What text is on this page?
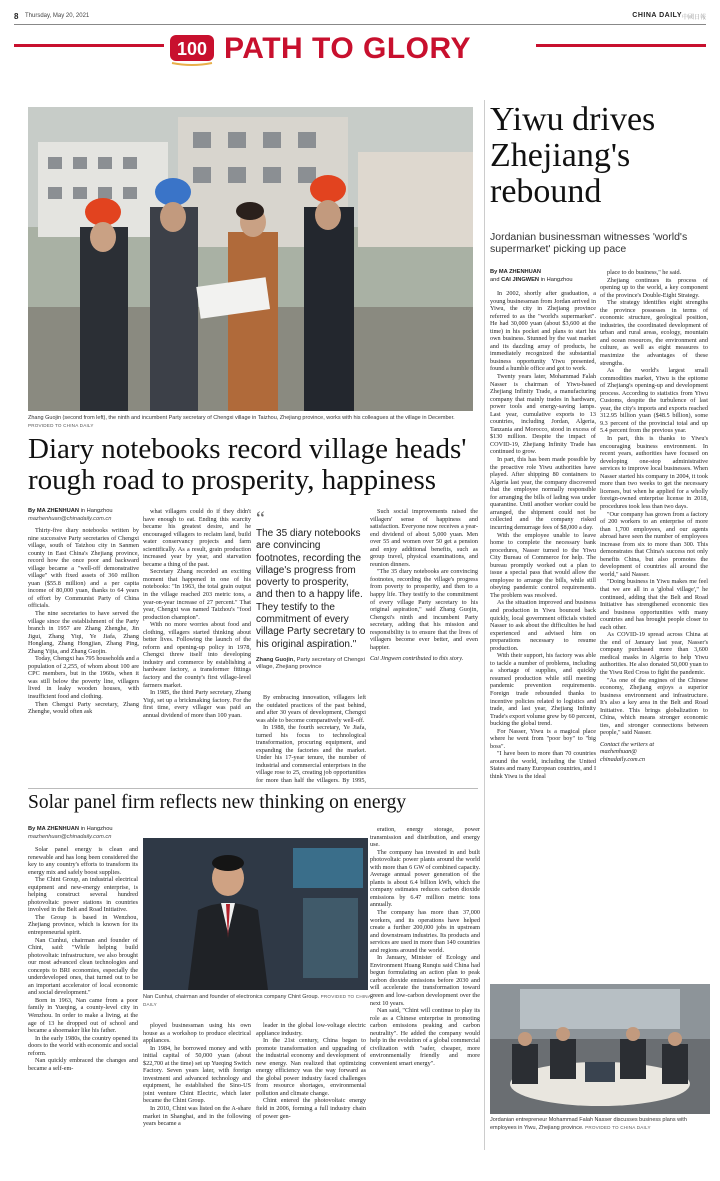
8 Thursday, May 20, 2021	CHINA DAILY 中國日報
100 PATH TO GLORY
Zhang Guojin (second from left), the ninth and incumbent Party secretary of Chengxi village in Taizhou, Zhejiang province, works with his colleagues at the village in December. PROVIDED TO CHINA DAILY
Diary notebooks record village heads' rough road to prosperity, happiness
By MA ZHENHUAN in Hangzhou
mazhenhuan@chinadaily.com.cn

Thirty-five diary notebooks written by nine successive Party secretaries of Chengxi village, south of Taizhou city in Sanmen county in East China's Zhejiang province, record how the once poor and backward village became a "well-off demonstrative village" with fixed assets of 360 million yuan ($55.8 million) and a per capita income of 80,000 yuan, thanks to 64 years of effort by Communist Party of China officials.

The nine secretaries to have served the village since the establishment of the Party branch in 1957 are Zhang Zhenghe, Jin Jigui, Zhang Yiqi, Ye Jiafa, Zhang Honglang, Zhang Hongjian, Zhang Ping, Zhang Yijia, and Zhang Guojin.

Today, Chengxi has 795 households and a population of 2,255, of whom about 100 are CPC members, but in the 1960s, when it was still below the poverty line, villagers lived in leaky wooden houses, with insufficient food and clothing.

Then Chengxi Party secretary, Zhang Zhenghe, would often ask

what villagers could do if they didn't have enough to eat. Ending this scarcity became his greatest desire, and he encouraged villagers to reclaim land, build water conservancy projects and farm scientifically. As a result, grain production increased year by year, and starvation became a thing of the past.

Secretary Zhang recorded an exciting moment that happened in one of his notebooks: "In 1963, the total grain output in the village reached 203 metric tons, a year-on-year increase of 27 percent." That year, Chengxi was named Taizhou's "food production champion".

With no more worries about food and clothing, villagers started thinking about better lives. Following the launch of the reform and opening-up policy in 1978, Chengxi threw itself into developing industry and commerce by establishing a hardware factory, a transformer fittings factory and the county's first village-level farmers market.

In 1985, the third Party secretary, Zhang Yiqi, set up a brickmaking factory. For the first time, every villager was paid an annual dividend of more than 100 yuan.

“
The 35 diary notebooks are convincing footnotes, recording the village's progress from poverty to prosperity, and then to a happy life. They testify to the commitment of every village Party secretary to his original aspiration."
Zhang Guojin, Party secretary of Chengxi village, Zhejiang province

By embracing innovation, villagers left the outdated practices of the past behind, and after 30 years of development, Chengxi was able to become comparatively well-off.

In 1988, the fourth secretary, Ye Jiafa, turned his focus to technological transformation, procuring equipment, and expanding the factories and the market. Under his 17-year tenure, the number of industrial and commercial enterprises in the village rose to 25, creating job opportunities for more than half the villagers. By 1995,

Such social improvements raised the villagers' sense of happiness and satisfaction. Everyone now receives a year-end dividend of about 5,000 yuan. Men over 55 and women over 50 get a pension and enjoy additional benefits, such as group travel, physical examinations, and reunion dinners.

"The 35 diary notebooks are convincing footnotes, recording the village's progress from poverty to prosperity, and then to a happy life. They testify to the commitment of every village Party secretary to his original aspiration," said Zhang Guojin, Chengxi's ninth and incumbent Party secretary, adding that his mission and responsibility is to ensure that the lives of villagers become ever better, and even happier.

Cai Jingwen contributed to this story.

Solar panel firm reflects new thinking on energy
By MA ZHENHUAN in Hangzhou
mazhenhuan@chinadaily.com.cn

Solar panel energy is clean and renewable and has long been considered the key to any country's efforts to transform its energy mix and safely boost supplies.

The Chint Group, an industrial electrical equipment and new-energy enterprise, is helping construct several hundred photovoltaic power stations in countries involved in the Belt and Road Initiative.

The Group is based in Wenzhou, Zhejiang province, which is known for its entrepreneurial spirit.

Nan Cunhui, chairman and founder of Chint, said: "While helping build photovoltaic infrastructure, we also brought our most advanced clean technologies and concepts to BRI economies, especially the underdeveloped ones, that turned out to be an important accelerator of local economic and social development."

Born in 1963, Nan came from a poor family in Yueqing, a county-level city in Wenzhou. In order to make a living, at the age of 13 he dropped out of school and became a shoemaker like his father.

In the early 1980s, the country opened its doors to the world with economic and social reform.

Nan quickly embraced the changes and became a self-em-

Nan Cunhui, chairman and founder of electronics company Chint Group. PROVIDED TO CHINA DAILY

ployed businessman using his own house as a workshop to produce electrical appliances.

In 1984, he borrowed money and with initial capital of 50,000 yuan (about $22,700 at the time) set up Yueqing Switch Factory. Seven years later, with foreign investment and advanced technology and equipment, he established the Sino-US joint venture Chint Electric, which later became the Chint Group.

In 2010, Chint was listed on the A-share market in Shanghai, and in the following years became a

leader in the global low-voltage electric appliance industry.

In the 21st century, China began to promote transformation and upgrading of the industrial economy and development of new energy. Nan realized that optimizing energy efficiency was the way forward as the global power industry faced challenges from resource shortages, environmental pollution and climate change.

Chint entered the photovoltaic energy field in 2006, forming a full industry chain of power gen-

eration, energy storage, power transmission and distribution, and energy use.

The company has invested in and built photovoltaic power plants around the world with more than 6 GW of combined capacity. Average annual power generation of the plants is about 6.4 billion kWh, which the company estimates reduces carbon dioxide emissions by 6.47 million metric tons annually.

The company has more than 37,000 workers, and its operations have helped create a further 200,000 jobs in upstream and downstream industries. Its products and services are used in more than 140 countries and regions around the world.

In January, Minister of Ecology and Environment Huang Runqiu said China had begun formulating an action plan to peak carbon dioxide emissions before 2030 and will accelerate the transformation toward green and low-carbon development over the next 10 years.

Nan said, "Chint will continue to play its role as a Chinese enterprise in promoting carbon emissions peaking and carbon neutrality". He added the company would help in the evolution of a global commercial civilization with "safer, cheaper, more environmentally friendly and more convenient smart energy".

Yiwu drives Zhejiang's rebound
Jordanian businessman witnesses 'world's supermarket' picking up pace
By MA ZHENHUAN
and CAI JINGWEN in Hangzhou

In 2002, shortly after graduation, a young businessman from Jordan arrived in Yiwu, the city in Zhejiang province referred to as the "world's supermarket". He had 30,000 yuan (about $3,600 at the time) in his pocket and plans to start his own business. Stunned by the vast market and its dazzling array of products, he immediately recognized the substantial business opportunity Yiwu presented, found a humble office and got to work.

Twenty years later, Mohammad Falah Nasser is chairman of Yiwu-based Zhejiang Infinity Trade, a manufacturing company that mainly trades in hardware, power tools and energy-saving lamps. Last year, cumulative exports to 13 countries, including Jordan, Algeria, Tanzania and Morocco, stood in excess of $130 million. Despite the impact of COVID-19, Zhejiang Infinity Trade has continued to grow.

In part, this has been made possible by the proactive role Yiwu authorities have played. After shipping 80 containers to Algeria last year, the company discovered that the employee normally responsible for arranging the bills of lading was under quarantine. Until another worker could be arranged, the shipment could not be collected and the company risked incurring demurrage fees of $8,000 a day.

With the employee unable to leave home to complete the necessary bank procedures, Nasser turned to the Yiwu City Bureau of Commerce for help. The bureau promptly worked out a plan to issue a special pass that would allow the employee to arrange the bills, while still obeying pandemic control requirements. The problem was resolved.

As the situation improved and business and production in Yiwu bounced back quickly, local government officials visited Nasser to ask about the difficulties he had experienced and advised him on preparations necessary to resume production.

With their support, his factory was able to tackle a number of problems, including a shortage of supplies, and quickly resumed production while still meeting pandemic prevention requirements. Foreign trade rebounded thanks to incentive policies related to logistics and trade, and last year, Zhejiang Infinity Trade's export volume grew by 60 percent, bucking the global trend.

For Nasser, Yiwu is a magical place where he went from "poor boy" to "big boss".

"I have been to more than 70 countries around the world, including the United States and many European countries, and I think Yiwu is the ideal

place to do business," he said.

Zhejiang continues its process of opening up to the world, a key component of the province's Double-Eight Strategy.

The strategy identifies eight strengths the province possesses in terms of economic structure, geological position, industries, the coordinated development of urban and rural areas, ecology, mountain and ocean resources, the environment and culture, as well as eight measures to maximize the advantages of these strengths.

As the world's largest small commodities market, Yiwu is the epitome of Zhejiang's opening-up and development process. According to statistics from Yiwu Customs, despite the turbulence of last year, the city's imports and exports reached 312.95 billion yuan ($48.5 billion), some 9.3 percent of the provincial total and up 5.4 percent from the previous year.

In part, this is thanks to Yiwu's encouraging business environment. In recent years, authorities have focused on developing one-stop administrative services to improve local businesses. When Nasser started his company in 2004, it took more than two weeks to get the necessary licenses, but when he applied for a wholly foreign-owned enterprise license in 2018, procedures took less than two days.

"Our company has grown from a factory of 200 workers to an enterprise of more than 1,700 employees, and our agents abroad have seen the number of employees increase from six to more than 300. This demonstrates that China's success not only benefits China, but also promotes the development of countries all around the world," said Nasser.

"Doing business in Yiwu makes me feel that we are all in a 'global village'," he continued, adding that the Belt and Road Initiative has strengthened economic ties and business opportunities with many countries and has brought people closer to each other.

As COVID-19 spread across China at the end of January last year, Nasser's company purchased more than 3,600 medical masks in Algeria to help Yiwu authorities. He also donated 50,000 yuan to the Yiwu Red Cross to fight the pandemic.

"As one of the engines of the Chinese economy, Zhejiang enjoys a superior business environment and infrastructure. It's also a key area in the Belt and Road Initiative. This brings globalization to China, which means stronger economic ties, and stronger connections between people," said Nasser.

Contact the writers at

mazhenhuan@
chinadaily.com.cn

Jordanian entrepreneur Mohammad Falah Nasser discusses business plans with employees in Yiwu, Zhejiang province. PROVIDED TO CHINA DAILY
